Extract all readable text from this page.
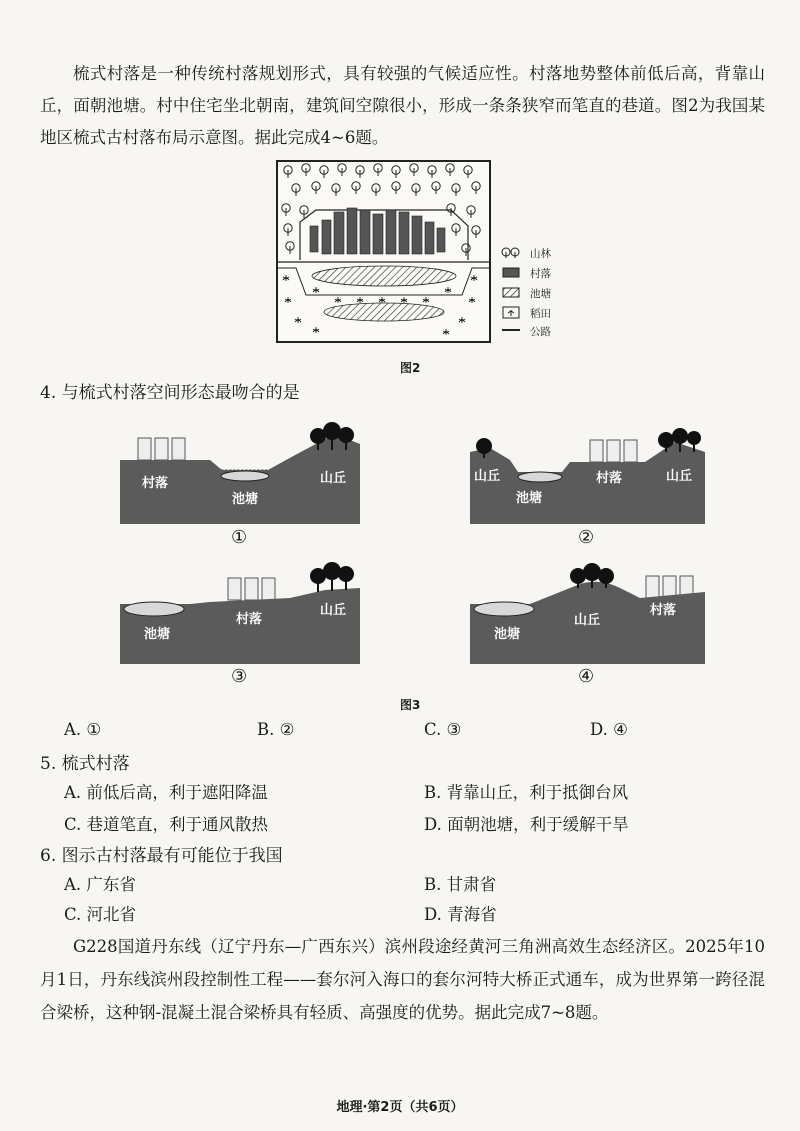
梳式村落是一种传统村落规划形式，具有较强的气候适应性。村落地势整体前低后高，背靠山丘，面朝池塘。村中住宅坐北朝南，建筑间空隙很小，形成一条条狭窄而笔直的巷道。图2为我国某地区梳式古村落布局示意图。据此完成4~6题。

山林
村落
池塘
稻田
公路
图2

4. 与梳式村落空间形态最吻合的是

村落
池塘
山丘
①
山丘
池塘
村落	山丘
②
池塘
村落
山丘
③
池塘
山丘
村落
④
图3

A. ①	B. ②	C. ③	D. ④

5. 梳式村落

A. 前低后高，利于遮阳降温	B. 背靠山丘，利于抵御台风

C. 巷道笔直，利于通风散热	D. 面朝池塘，利于缓解干旱

6. 图示古村落最有可能位于我国

A. 广东省	B. 甘肃省

C. 河北省	D. 青海省

G228国道丹东线（辽宁丹东—广西东兴）滨州段途经黄河三角洲高效生态经济区。2025年10月1日，丹东线滨州段控制性工程——套尔河入海口的套尔河特大桥正式通车，成为世界第一跨径混合梁桥，这种钢-混凝土混合梁桥具有轻质、高强度的优势。据此完成7~8题。

地理·第2页（共6页）
